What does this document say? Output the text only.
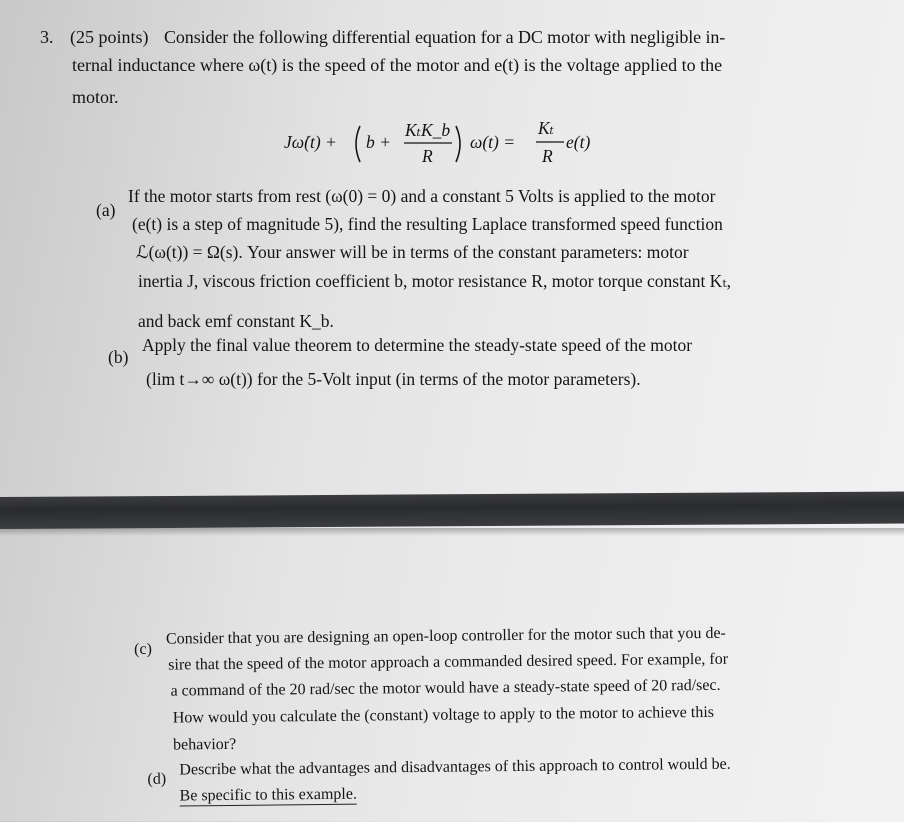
3. (25 points) Consider the following differential equation for a DC motor with negligible in-
ternal inductance where ω(t) is the speed of the motor and e(t) is the voltage applied to the
motor.
Jω̇(t) + b +
KₜK_b
R
ω(t) =
Kₜ
R
e(t)
(a)
If the motor starts from rest (ω(0) = 0) and a constant 5 Volts is applied to the motor
(e(t) is a step of magnitude 5), find the resulting Laplace transformed speed function
ℒ(ω(t)) = Ω(s). Your answer will be in terms of the constant parameters: motor
inertia J, viscous friction coefficient b, motor resistance R, motor torque constant Kₜ,
and back emf constant K_b.
(b)
Apply the final value theorem to determine the steady-state speed of the motor
(lim t→∞ ω(t)) for the 5-Volt input (in terms of the motor parameters).
(c)
Consider that you are designing an open-loop controller for the motor such that you de-
sire that the speed of the motor approach a commanded desired speed. For example, for
a command of the 20 rad/sec the motor would have a steady-state speed of 20 rad/sec.
How would you calculate the (constant) voltage to apply to the motor to achieve this
behavior?
(d)
Describe what the advantages and disadvantages of this approach to control would be.
Be specific to this example.
